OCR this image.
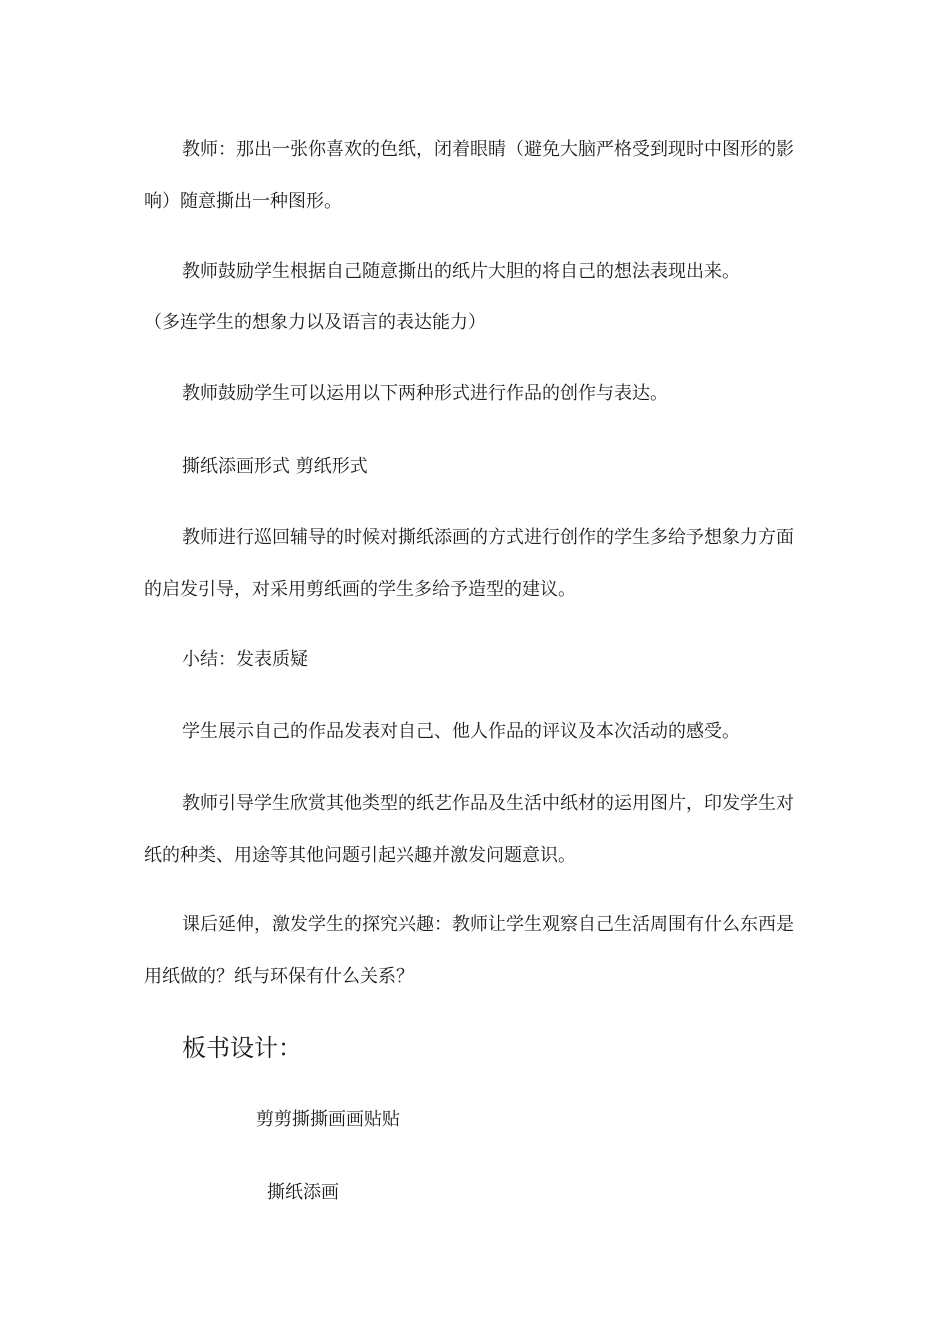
教师：那出一张你喜欢的色纸，闭着眼睛（避免大脑严格受到现时中图形的影响）随意撕出一种图形。

教师鼓励学生根据自己随意撕出的纸片大胆的将自己的想法表现出来。

（多连学生的想象力以及语言的表达能力）

教师鼓励学生可以运用以下两种形式进行作品的创作与表达。

撕纸添画形式 剪纸形式

教师进行巡回辅导的时候对撕纸添画的方式进行创作的学生多给予想象力方面的启发引导，对采用剪纸画的学生多给予造型的建议。

小结：发表质疑

学生展示自己的作品发表对自己、他人作品的评议及本次活动的感受。

教师引导学生欣赏其他类型的纸艺作品及生活中纸材的运用图片，印发学生对纸的种类、用途等其他问题引起兴趣并激发问题意识。

课后延伸，激发学生的探究兴趣：教师让学生观察自己生活周围有什么东西是用纸做的？纸与环保有什么关系？

板书设计：

剪剪撕撕画画贴贴

撕纸添画
